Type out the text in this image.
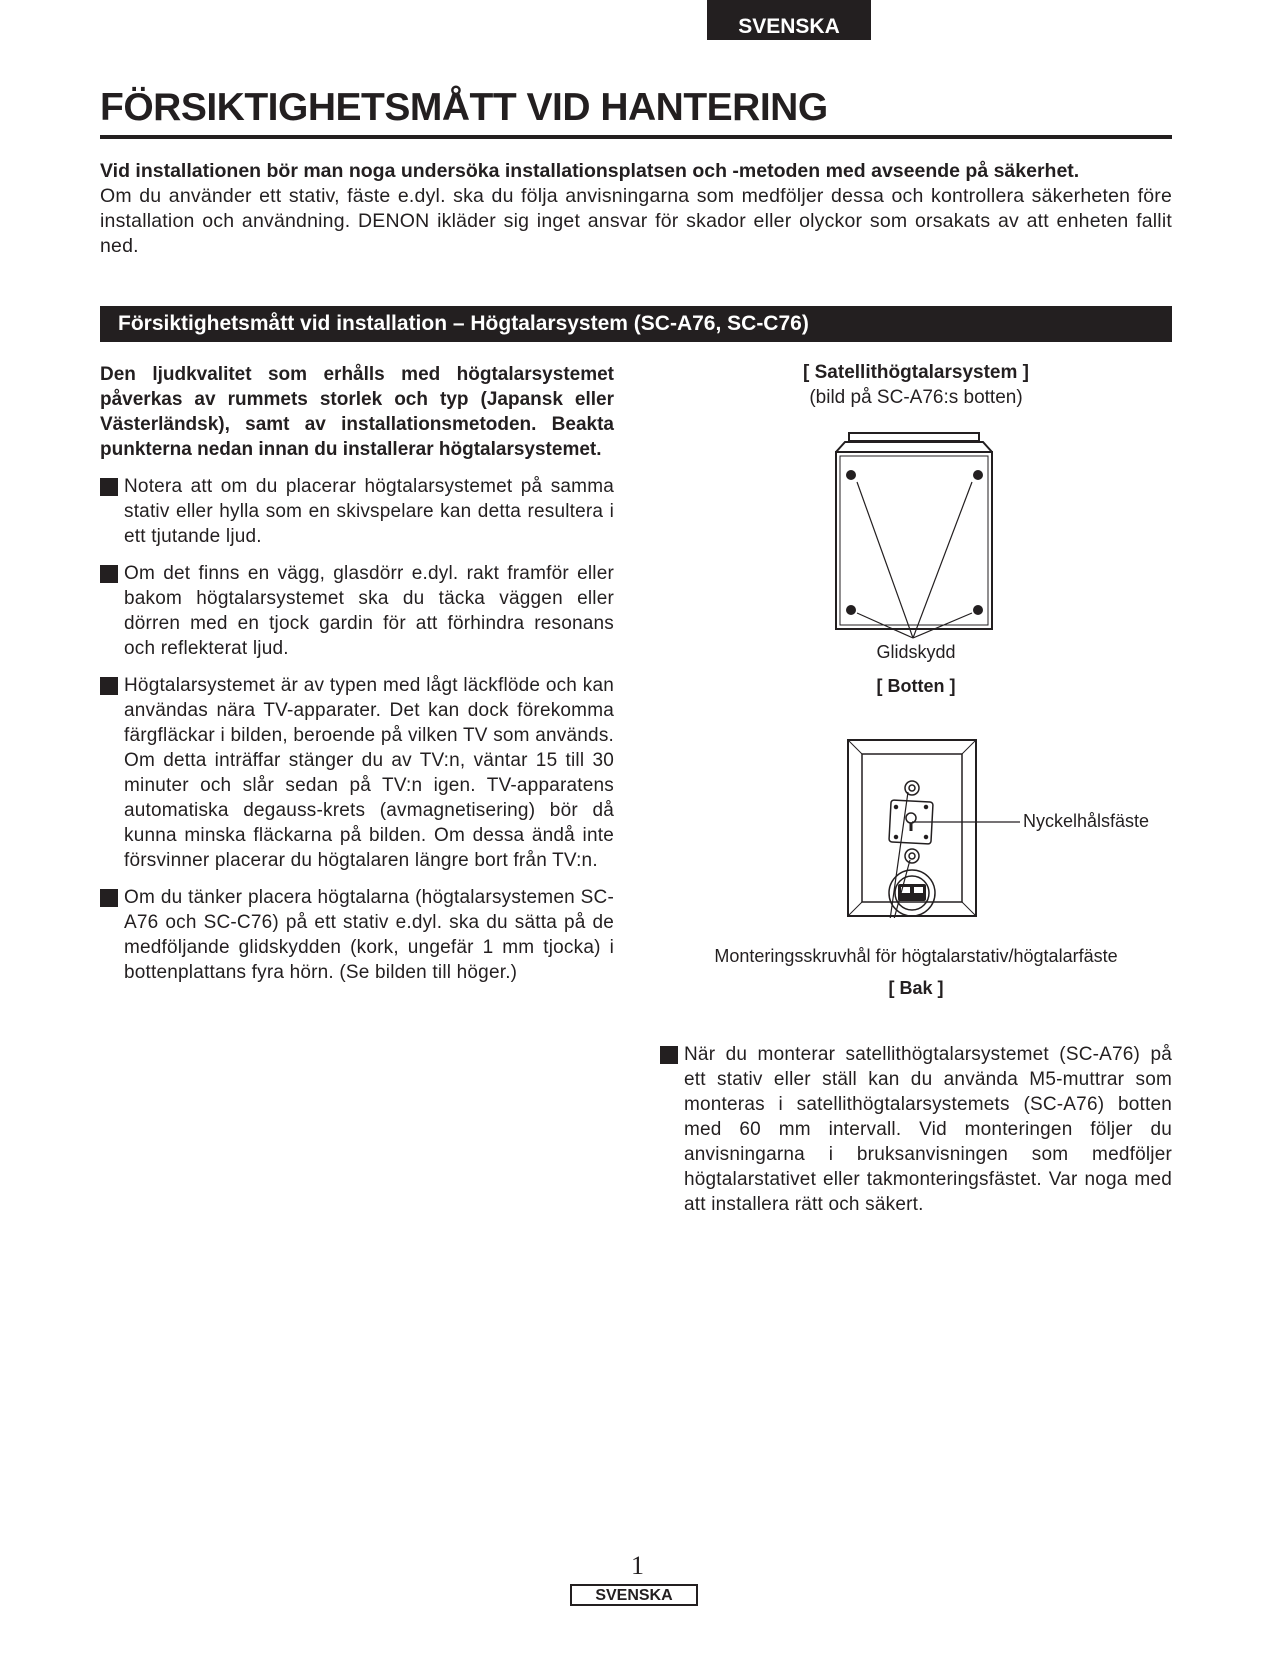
SVENSKA
FÖRSIKTIGHETSMÅTT VID HANTERING

Vid installationen bör man noga undersöka installationsplatsen och -metoden med avseende på säkerhet.

Om du använder ett stativ, fäste e.dyl. ska du följa anvisningarna som medföljer dessa och kontrollera säkerheten före installation och användning. DENON ikläder sig inget ansvar för skador eller olyckor som orsakats av att enheten fallit ned.

Försiktighetsmått vid installation – Högtalarsystem (SC-A76, SC-C76)

Den ljudkvalitet som erhålls med högtalarsystemet påverkas av rummets storlek och typ (Japansk eller Västerländsk), samt av installationsmetoden. Beakta punkterna nedan innan du installerar högtalarsystemet.

Notera att om du placerar högtalarsystemet på samma stativ eller hylla som en skivspelare kan detta resultera i ett tjutande ljud.
Om det finns en vägg, glasdörr e.dyl. rakt framför eller bakom högtalarsystemet ska du täcka väggen eller dörren med en tjock gardin för att förhindra resonans och reflekterat ljud.
Högtalarsystemet är av typen med lågt läckflöde och kan användas nära TV-apparater. Det kan dock förekomma färgfläckar i bilden, beroende på vilken TV som används. Om detta inträffar stänger du av TV:n, väntar 15 till 30 minuter och slår sedan på TV:n igen. TV-apparatens automatiska degauss-krets (avmagnetisering) bör då kunna minska fläckarna på bilden. Om dessa ändå inte försvinner placerar du högtalaren längre bort från TV:n.
Om du tänker placera högtalarna (högtalarsystemen SC-A76 och SC-C76) på ett stativ e.dyl. ska du sätta på de medföljande glidskydden (kork, ungefär 1 mm tjocka) i bottenplattans fyra hörn. (Se bilden till höger.)
[ Satellithögtalarsystem ]
(bild på SC-A76:s botten)
Glidskydd
[ Botten ]
Nyckelhålsfäste
Monteringsskruvhål för högtalarstativ/högtalarfäste
[ Bak ]
När du monterar satellithögtalarsystemet (SC-A76) på ett stativ eller ställ kan du använda M5-muttrar som monteras i satellithögtalarsystemets (SC-A76) botten med 60 mm intervall. Vid monteringen följer du anvisningarna i bruksanvisningen som medföljer högtalarstativet eller takmonteringsfästet. Var noga med att installera rätt och säkert.
1
SVENSKA
